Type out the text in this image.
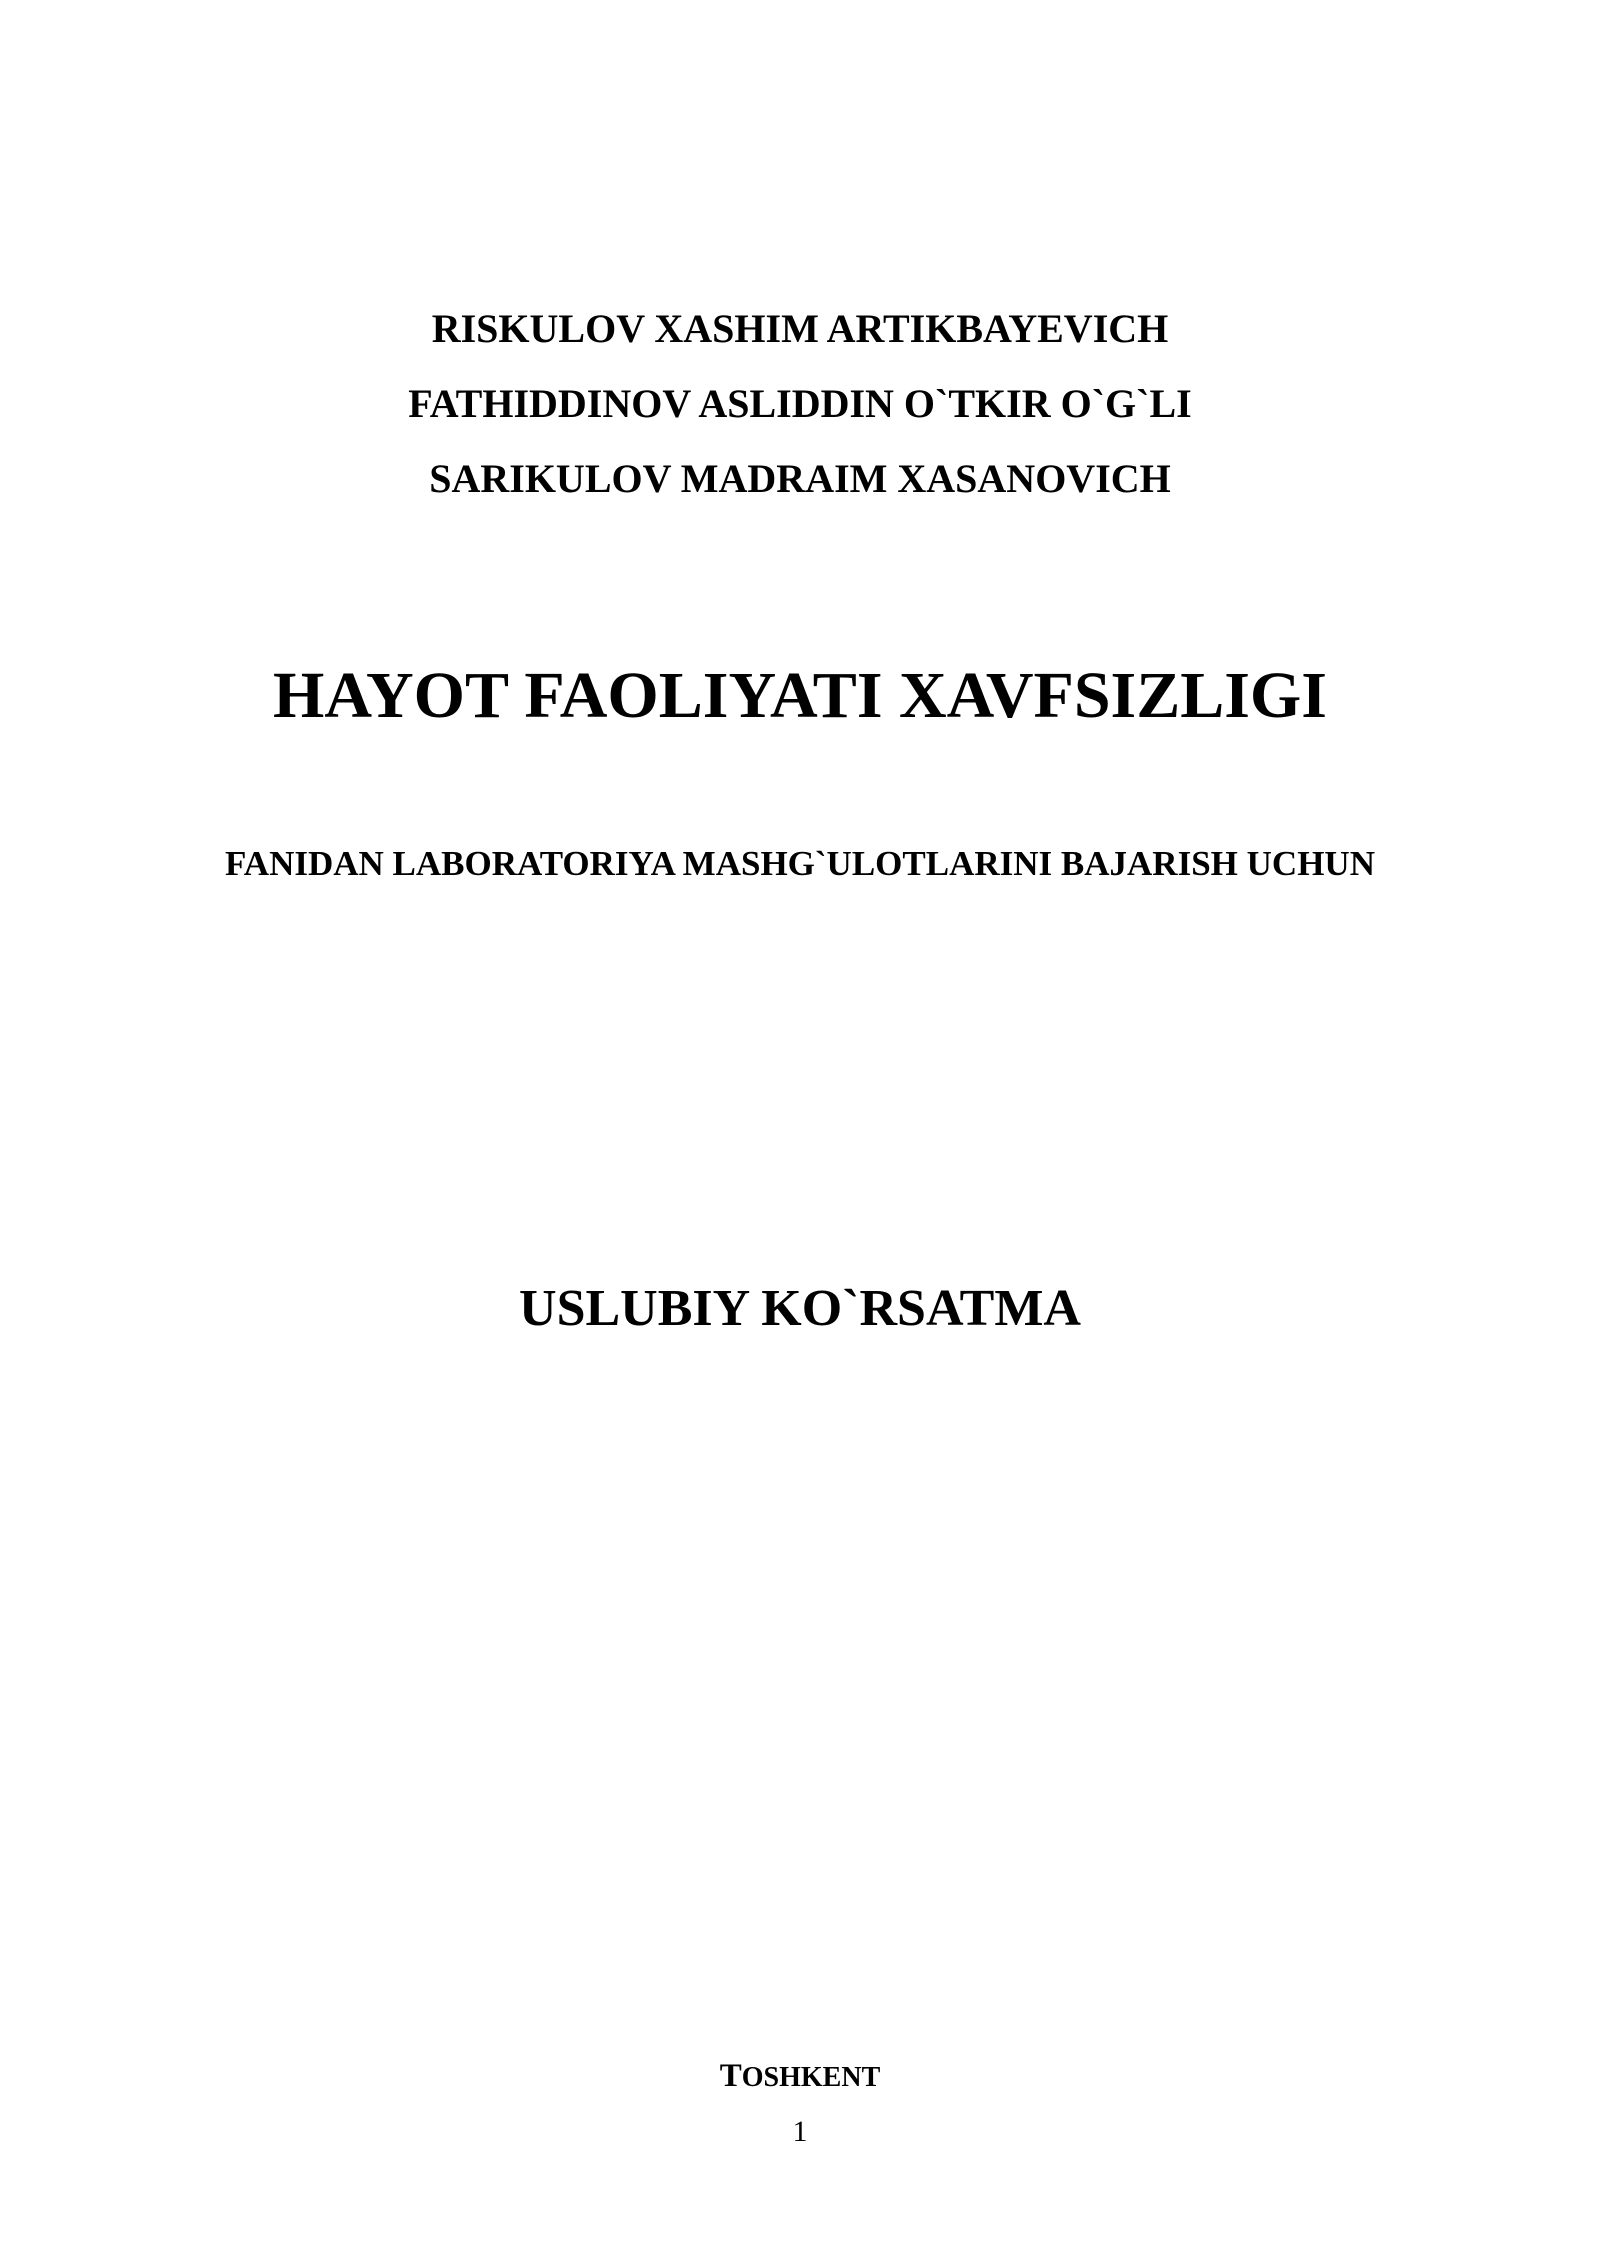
RISKULOV XASHIM ARTIKBAYEVICH
FATHIDDINOV ASLIDDIN O`TKIR O`G`LI
SARIKULOV MADRAIM XASANOVICH
HAYOT FAOLIYATI XAVFSIZLIGI
FANIDAN LABORATORIYA MASHG`ULOTLARINI BAJARISH UCHUN
USLUBIY KO`RSATMA
TOSHKENT
1
